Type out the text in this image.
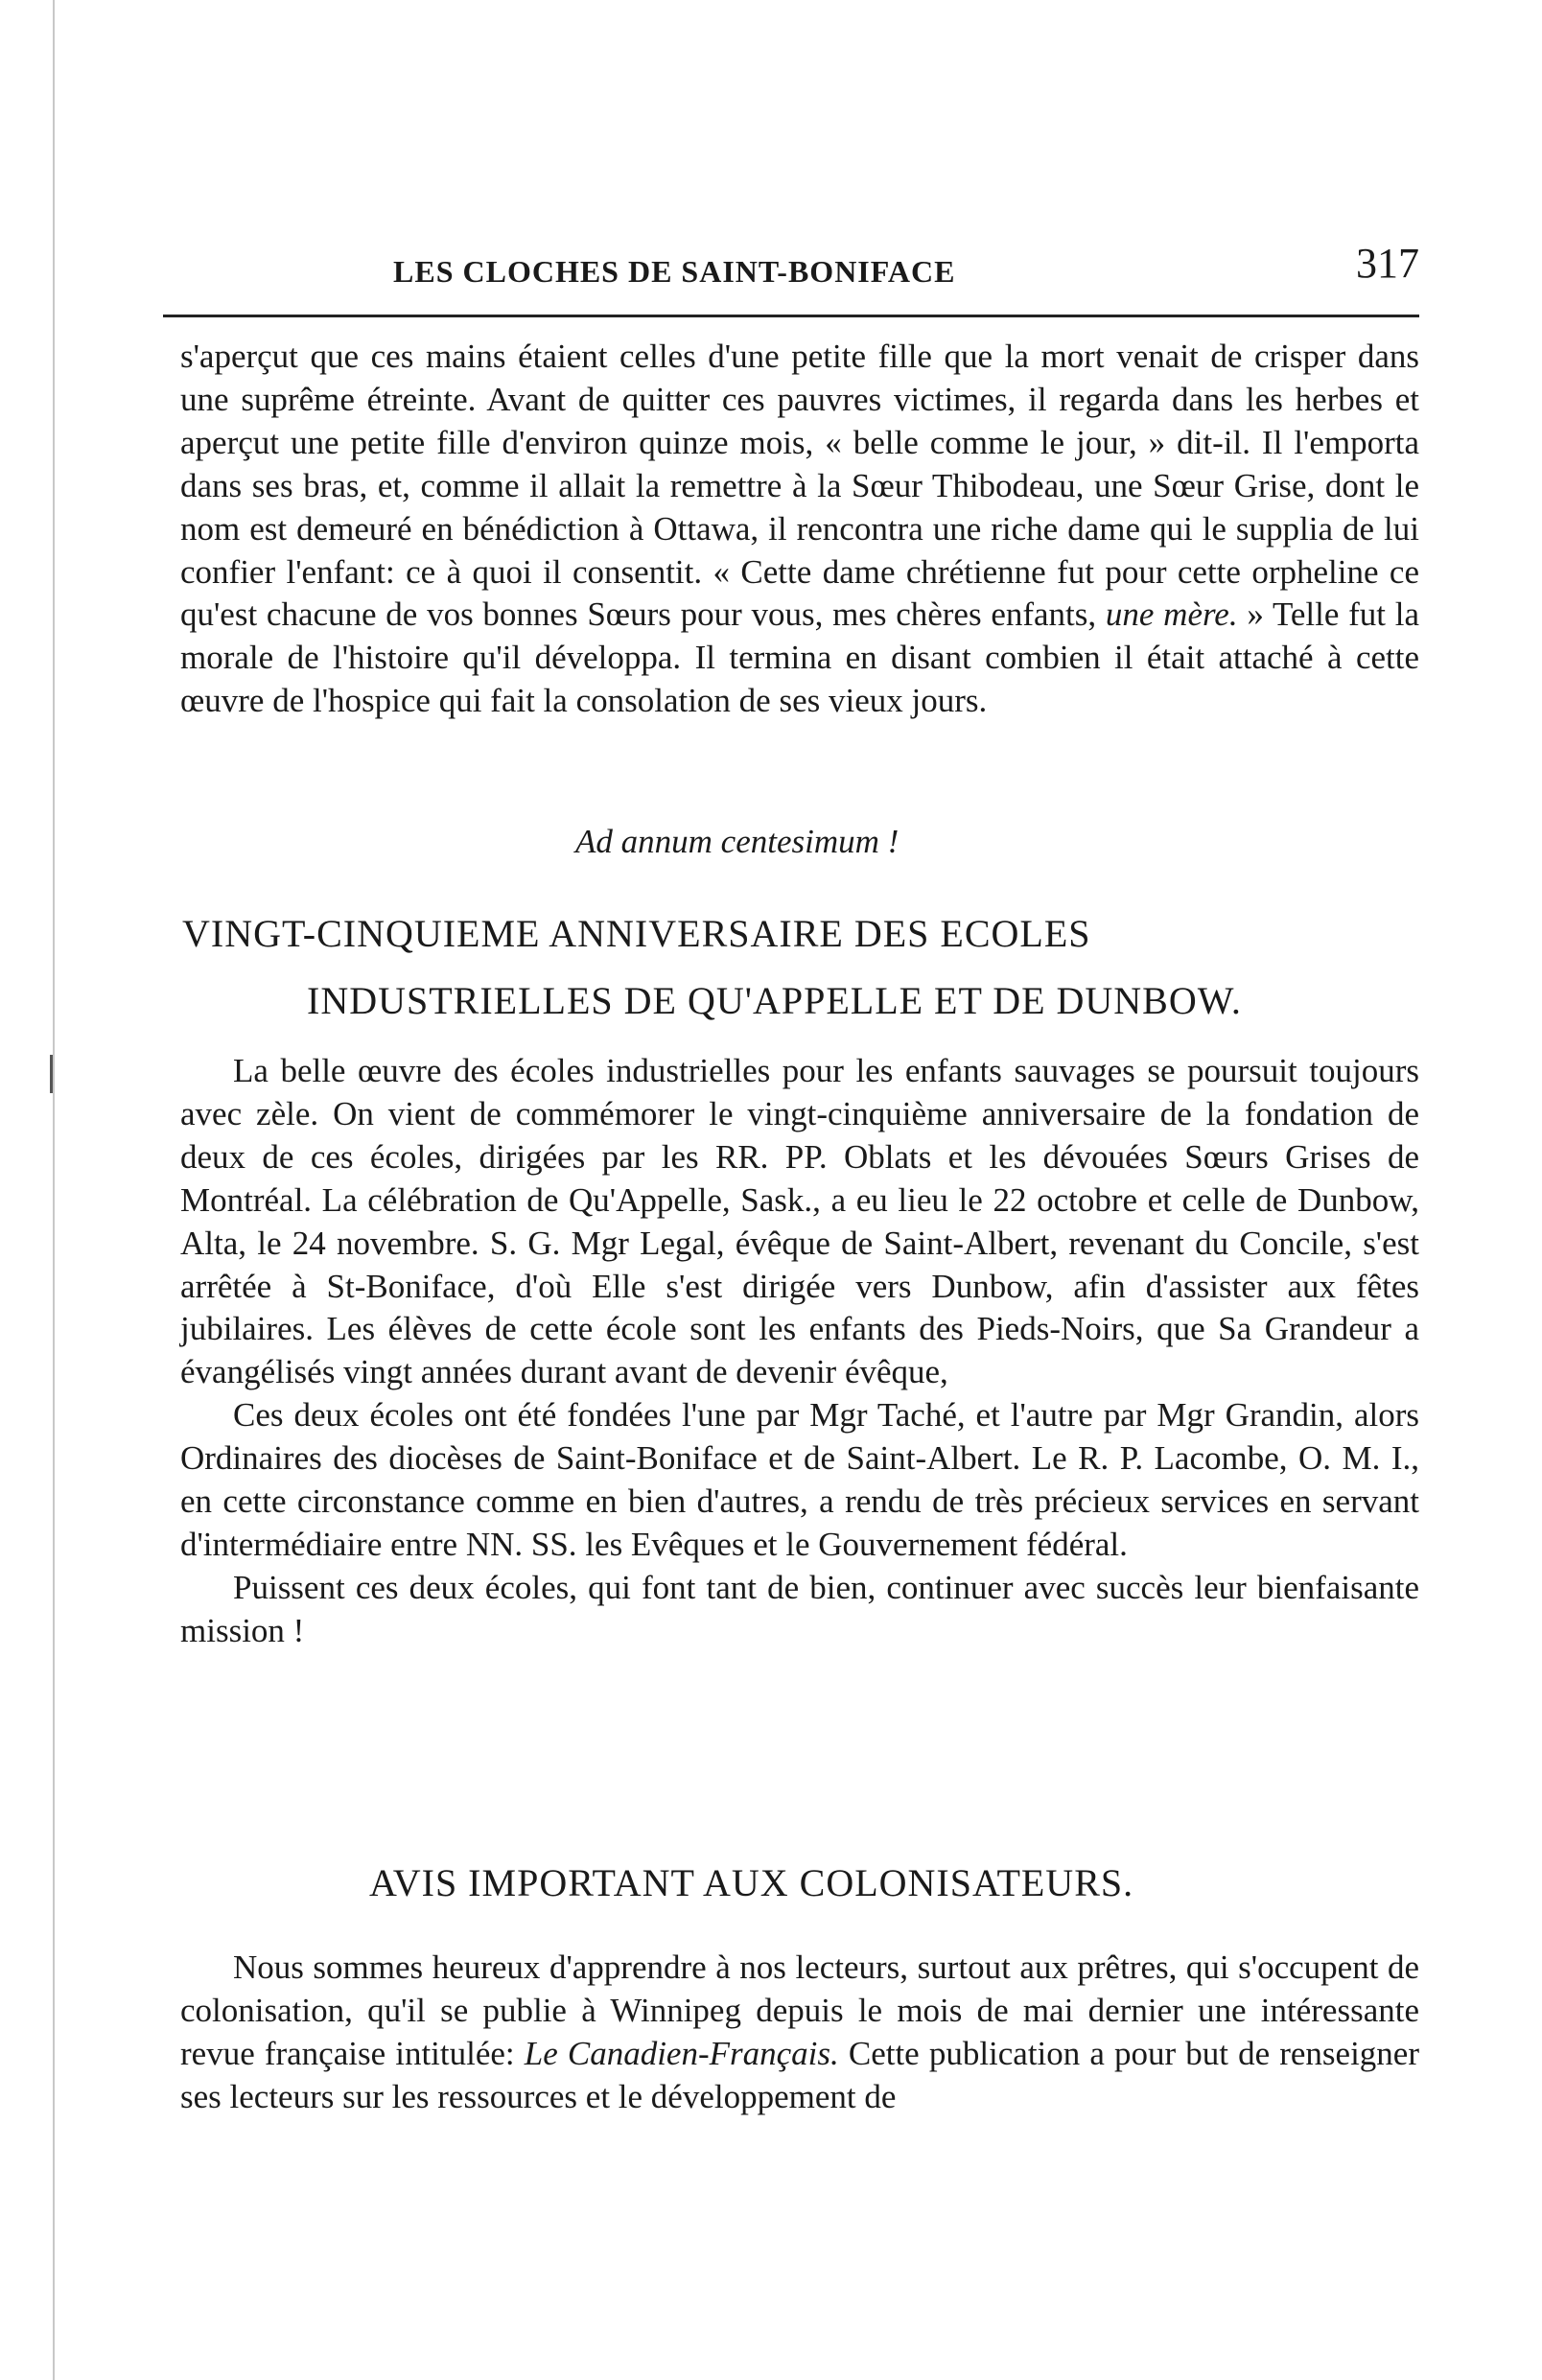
LES CLOCHES DE SAINT-BONIFACE	317

s'aperçut que ces mains étaient celles d'une petite fille que la mort venait de crisper dans une suprême étreinte. Avant de quitter ces pauvres victimes, il regarda dans les herbes et aperçut une petite fille d'environ quinze mois, « belle comme le jour, » dit-il. Il l'emporta dans ses bras, et, comme il allait la remettre à la Sœur Thibodeau, une Sœur Grise, dont le nom est demeuré en bénédiction à Ottawa, il rencontra une riche dame qui le supplia de lui confier l'enfant: ce à quoi il consentit. « Cette dame chrétienne fut pour cette orpheline ce qu'est chacune de vos bonnes Sœurs pour vous, mes chères enfants, une mère. » Telle fut la morale de l'histoire qu'il développa. Il termina en disant combien il était attaché à cette œuvre de l'hospice qui fait la consolation de ses vieux jours.

Ad annum centesimum !
VINGT-CINQUIEME ANNIVERSAIRE DES ECOLES
INDUSTRIELLES DE QU'APPELLE ET DE DUNBOW.

La belle œuvre des écoles industrielles pour les enfants sauvages se poursuit toujours avec zèle. On vient de commémorer le vingt-cinquième anniversaire de la fondation de deux de ces écoles, dirigées par les RR. PP. Oblats et les dévouées Sœurs Grises de Montréal. La célébration de Qu'Appelle, Sask., a eu lieu le 22 octobre et celle de Dunbow, Alta, le 24 novembre. S. G. Mgr Legal, évêque de Saint-Albert, revenant du Concile, s'est arrêtée à St-Boniface, d'où Elle s'est dirigée vers Dunbow, afin d'assister aux fêtes jubilaires. Les élèves de cette école sont les enfants des Pieds-Noirs, que Sa Grandeur a évangélisés vingt années durant avant de devenir évêque,

Ces deux écoles ont été fondées l'une par Mgr Taché, et l'autre par Mgr Grandin, alors Ordinaires des diocèses de Saint-Boniface et de Saint-Albert. Le R. P. Lacombe, O. M. I., en cette circonstance comme en bien d'autres, a rendu de très précieux services en servant d'intermédiaire entre NN. SS. les Evêques et le Gouvernement fédéral.

Puissent ces deux écoles, qui font tant de bien, continuer avec succès leur bienfaisante mission !

AVIS IMPORTANT AUX COLONISATEURS.

Nous sommes heureux d'apprendre à nos lecteurs, surtout aux prêtres, qui s'occupent de colonisation, qu'il se publie à Winnipeg depuis le mois de mai dernier une intéressante revue française intitulée: Le Canadien-Français. Cette publication a pour but de renseigner ses lecteurs sur les ressources et le développement de
